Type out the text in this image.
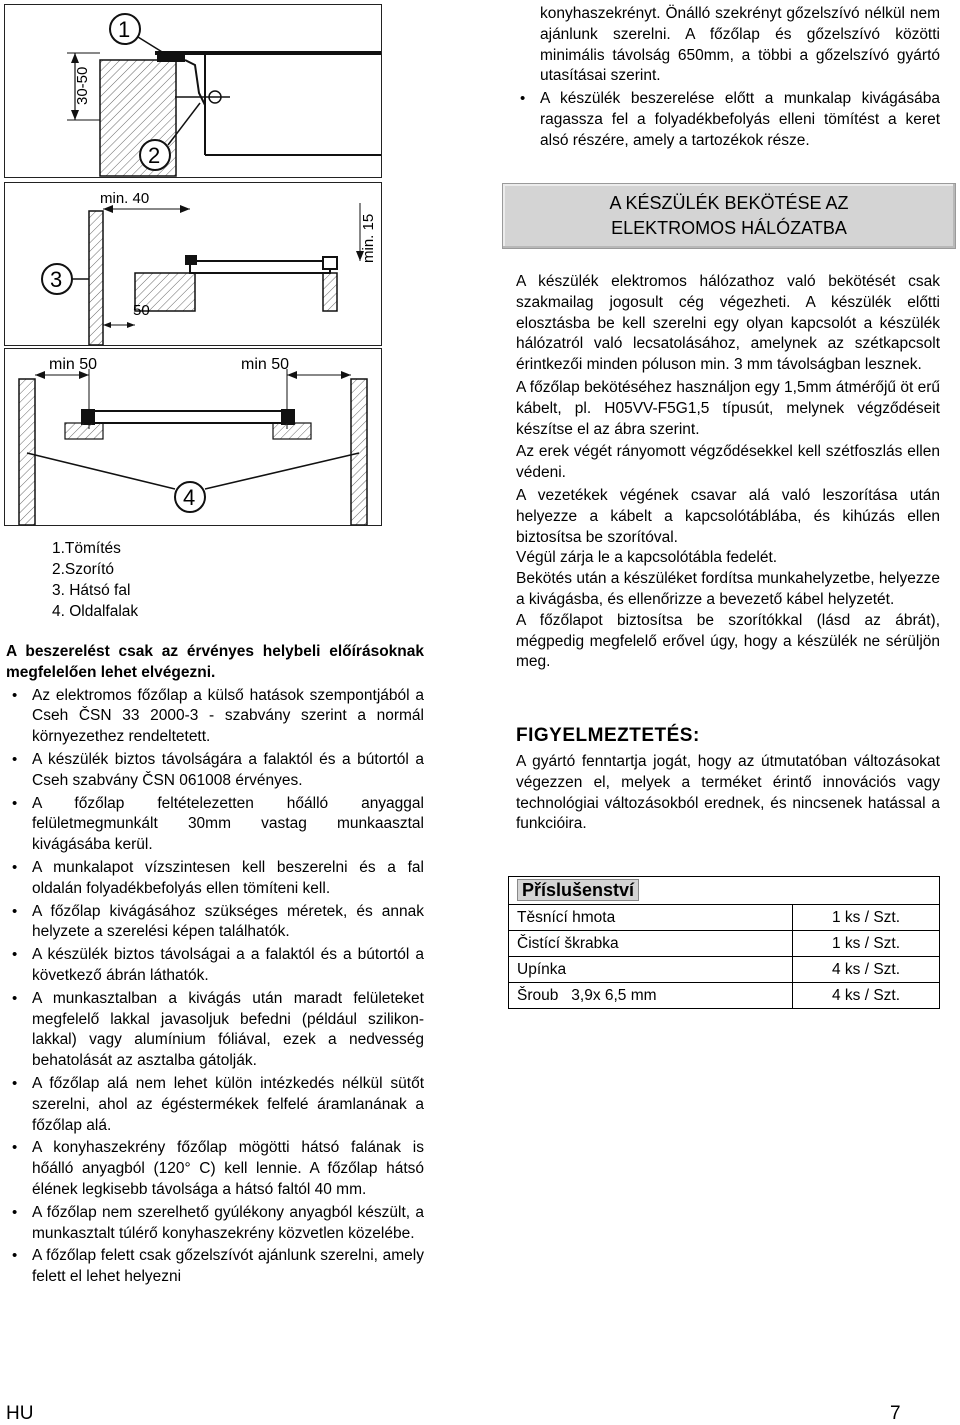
30-50
1
2
min. 40
min. 15
50
3
min 50	min 50
4
1.Tömítés
2.Szorító
3. Hátsó fal
4. Oldalfalak
A beszerelést csak az érvényes helybeli előírásoknak megfelelően lehet elvégezni.
• Az elektromos főzőlap a külső hatások szempontjából a Cseh ČSN 33 2000-3 - szabvány szerint a normál környezethez rendeltetett.
• A készülék biztos távolságára a falaktól és a bútortól a Cseh szabvány ČSN 061008 érvényes.
• A főzőlap feltételezetten hőálló anyaggal felületmegmunkált 30mm vastag munkaasztal kivágásába kerül.
• A munkalapot vízszintesen kell beszerelni és a fal oldalán folyadékbefolyás ellen tömíteni kell.
• A főzőlap kivágásához szükséges méretek, és annak helyzete a szerelési képen találhatók.
• A készülék biztos távolságai a a falaktól és a bútortól a következő ábrán láthatók.
• A munkasztalban a kivágás után maradt felületeket megfelelő lakkal javasoljuk befedni (például szilikon-lakkal) vagy alumínium fóliával, ezek a nedvesség behatolását az asztalba gátolják.
• A főzőlap alá nem lehet külön intézkedés nélkül sütőt szerelni, ahol az égéstermékek felfelé áramlanának a főzőlap alá.
• A konyhaszekrény főzőlap mögötti hátsó falának is hőálló anyagból (120° C) kell lennie. A főzőlap hátsó élének legkisebb távolsága a hátsó faltól 40 mm.
• A főzőlap nem szerelhető gyúlékony anyagból készült, a munkasztalt túlérő konyhaszekrény közvetlen közelébe.
• A főzőlap felett csak gőzelszívót ajánlunk szerelni, amely felett el lehet helyezni
konyhaszekrényt. Önálló szekrényt gőzelszívó nélkül nem ajánlunk szerelni. A főzőlap és gőzelszívó közötti minimális távolság 650mm, a többi a gőzelszívó gyártó utasításai szerint.
• A készülék beszerelése előtt a munkalap kivágásába ragassza fel a folyadékbefolyás elleni tömítést a keret alsó részére, amely a tartozékok része.
A KÉSZÜLÉK BEKÖTÉSE AZ
ELEKTROMOS HÁLÓZATBA
A készülék elektromos hálózathoz való bekötését csak szakmailag jogosult cég végezheti. A készülék előtti elosztásba be kell szerelni egy olyan kapcsolót a készülék hálózatról való lecsatolásához, amelynek az szétkapcsolt érintkezői minden póluson min. 3 mm távolságban lesznek.
A főzőlap bekötéséhez használjon egy 1,5mm átmérőjű öt erű kábelt, pl. H05VV-F5G1,5 típusút, melynek végződéseit készítse el az ábra szerint.
Az erek végét rányomott végződésekkel kell szétfoszlás ellen védeni.
A vezetékek végének csavar alá való leszorítása után helyezze a kábelt a kapcsolótáblába, és kihúzás ellen biztosítsa be szorítóval.
Végül zárja le a kapcsolótábla fedelét.
Bekötés után a készüléket fordítsa munkahelyzetbe, helyezze a kivágásba, és ellenőrizze a bevezető kábel helyzetét.
A főzőlapot biztosítsa be szorítókkal (lásd az ábrát), mégpedig megfelelő erővel úgy, hogy a készülék ne sérüljön meg.
FIGYELMEZTETÉS:
A gyártó fenntartja jogát, hogy az útmutatóban változásokat végezzen el, melyek a terméket érintő innovációs vagy technológiai változásokból erednek, és nincsenek hatással a funkcióira.
Příslušenství	
Těsnící hmota	1 ks / Szt.
Čistící škrabka	1 ks / Szt.
Upínka	4 ks / Szt.
Šroub   3,9x 6,5 mm	4 ks / Szt.
HU	7
